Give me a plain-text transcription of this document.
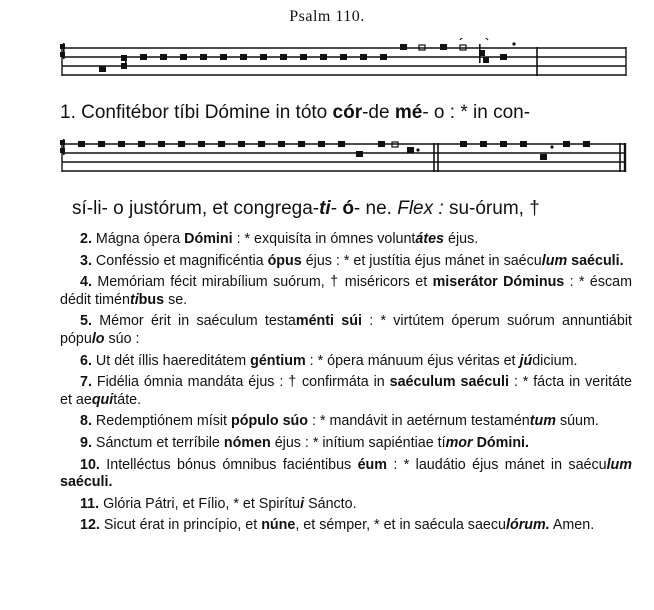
Psalm 110.
1. Confitébor tíbi Dómine in tóto cór-de mé- o : * in con-
sí-li- o justórum, et congrega-ti- ó- ne. Flex : su-órum, †
2. Mágna ópera Dómini : * exquisíta in ómnes voluntátes éjus.
3. Conféssio et magnificéntia ópus éjus : * et justítia éjus mánet in saéculum saéculi.
4. Memóriam fécit mirabílium suórum, † miséricors et miserátor Dóminus : * éscam dédit timéntibus se.
5. Mémor érit in saéculum testaménti súi : * virtútem óperum suórum annuntiábit pópulo súo :
6. Ut dét íllis haereditátem géntium : * ópera mánuum éjus véritas et júdicium.
7. Fidélia ómnia mandáta éjus : † confirmáta in saéculum saéculi : * fácta in veritáte et aequitáte.
8. Redemptiónem mísit pópulo súo : * mandávit in aetérnum testaméntum súum.
9. Sánctum et terríbile nómen éjus : * inítium sapiéntiae tímor Dómini.
10. Intelléctus bónus ómnibus faciéntibus éum : * laudátio éjus mánet in saéculum saéculi.
11. Glória Pátri, et Fílio, * et Spirítui Sáncto.
12. Sicut érat in princípio, et núne, et sémper, * et in saécula saeculórum. Amen.
